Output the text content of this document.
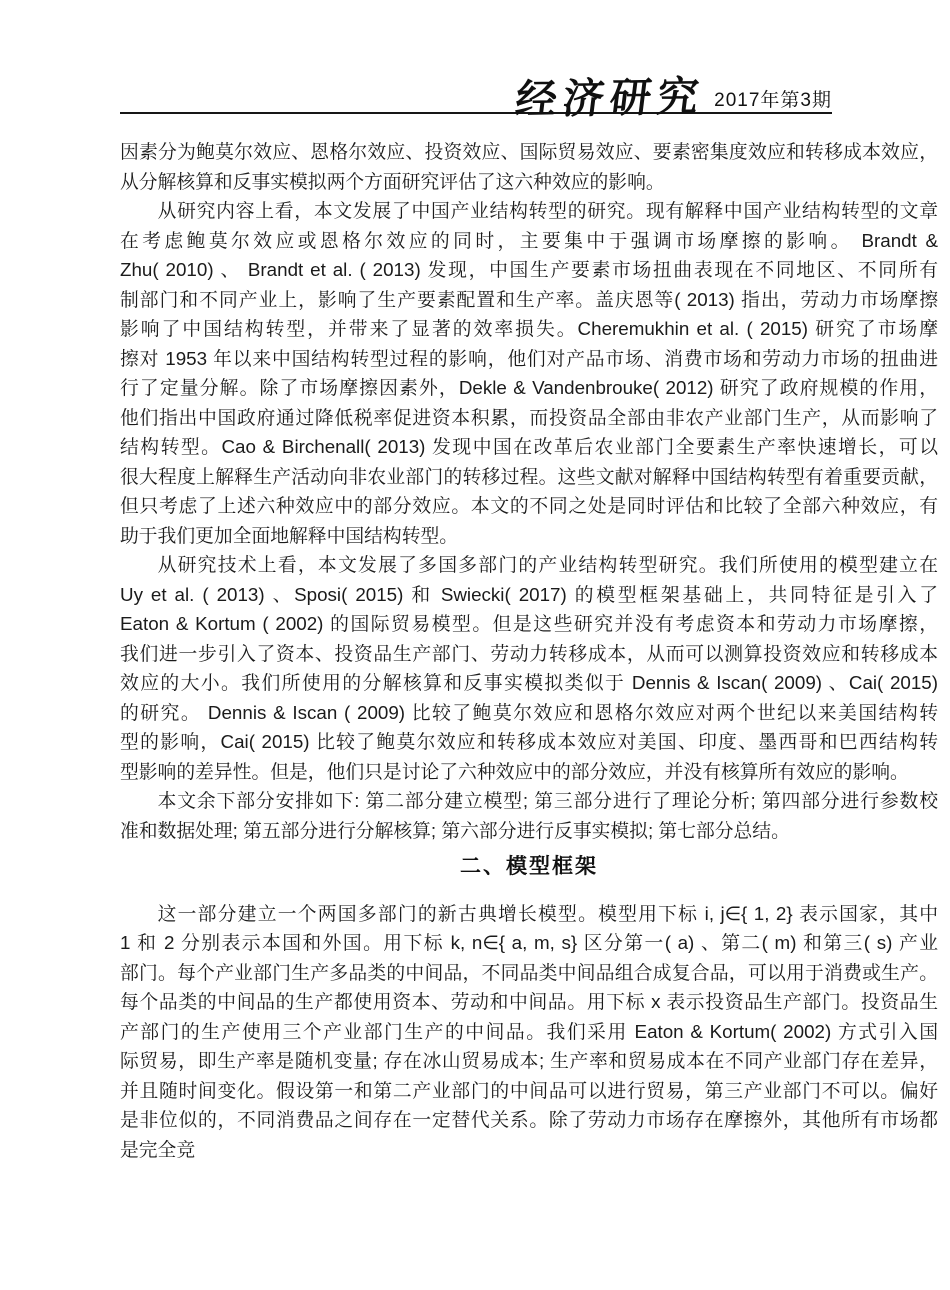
经济研究 2017年第3期
因素分为鲍莫尔效应、恩格尔效应、投资效应、国际贸易效应、要素密集度效应和转移成本效应，
从分解核算和反事实模拟两个方面研究评估了这六种效应的影响。
从研究内容上看，本文发展了中国产业结构转型的研究。现有解释中国产业结构转型的文章
在考虑鲍莫尔效应或恩格尔效应的同时，主要集中于强调市场摩擦的影响。 Brandt &
Zhu( 2010) 、 Brandt et al. ( 2013) 发现，中国生产要素市场扭曲表现在不同地区、不同所有
制部门和不同产业上，影响了生产要素配置和生产率。盖庆恩等( 2013) 指出，劳动力市场摩擦
影响了中国结构转型，并带来了显著的效率损失。Cheremukhin et al. ( 2015) 研究了市场摩
擦对 1953 年以来中国结构转型过程的影响，他们对产品市场、消费市场和劳动力市场的扭曲进
行了定量分解。除了市场摩擦因素外，Dekle & Vandenbrouke( 2012) 研究了政府规模的作用，
他们指出中国政府通过降低税率促进资本积累，而投资品全部由非农产业部门生产，从而影响了
结构转型。Cao & Birchenall( 2013) 发现中国在改革后农业部门全要素生产率快速增长，可以
很大程度上解释生产活动向非农业部门的转移过程。这些文献对解释中国结构转型有着重要贡献，
但只考虑了上述六种效应中的部分效应。本文的不同之处是同时评估和比较了全部六种效应，有
助于我们更加全面地解释中国结构转型。
从研究技术上看，本文发展了多国多部门的产业结构转型研究。我们所使用的模型建立在
Uy et al. ( 2013) 、Sposi( 2015) 和 Swiecki( 2017) 的模型框架基础上，共同特征是引入了
Eaton & Kortum ( 2002) 的国际贸易模型。但是这些研究并没有考虑资本和劳动力市场摩擦，
我们进一步引入了资本、投资品生产部门、劳动力转移成本，从而可以测算投资效应和转移成本
效应的大小。我们所使用的分解核算和反事实模拟类似于 Dennis & Iscan( 2009) 、Cai( 2015)
的研究。 Dennis & Iscan ( 2009) 比较了鲍莫尔效应和恩格尔效应对两个世纪以来美国结构转
型的影响，Cai( 2015) 比较了鲍莫尔效应和转移成本效应对美国、印度、墨西哥和巴西结构转
型影响的差异性。但是，他们只是讨论了六种效应中的部分效应，并没有核算所有效应的影响。
本文余下部分安排如下: 第二部分建立模型; 第三部分进行了理论分析; 第四部分进行参数校
准和数据处理; 第五部分进行分解核算; 第六部分进行反事实模拟; 第七部分总结。
二、模型框架
这一部分建立一个两国多部门的新古典增长模型。模型用下标 i, j∈{ 1, 2} 表示国家，其中
1 和 2 分别表示本国和外国。用下标 k, n∈{ a, m, s} 区分第一( a) 、第二( m) 和第三( s) 产业
部门。每个产业部门生产多品类的中间品，不同品类中间品组合成复合品，可以用于消费或生产。
每个品类的中间品的生产都使用资本、劳动和中间品。用下标 x 表示投资品生产部门。投资品生
产部门的生产使用三个产业部门生产的中间品。我们采用 Eaton & Kortum( 2002) 方式引入国
际贸易，即生产率是随机变量; 存在冰山贸易成本; 生产率和贸易成本在不同产业部门存在差异，
并且随时间变化。假设第一和第二产业部门的中间品可以进行贸易，第三产业部门不可以。偏好
是非位似的，不同消费品之间存在一定替代关系。除了劳动力市场存在摩擦外，其他所有市场都
是完全竞
